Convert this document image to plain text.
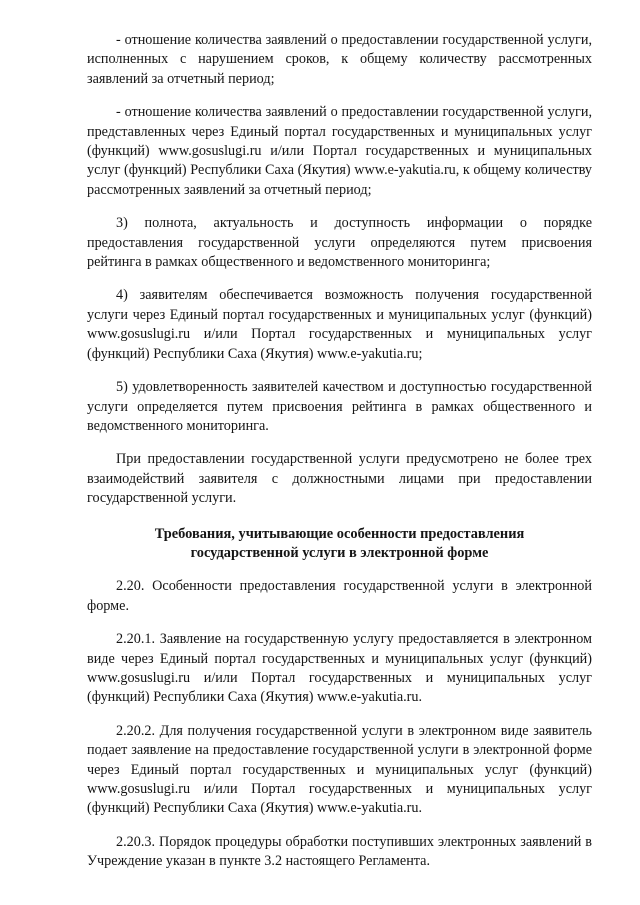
- отношение количества заявлений о предоставлении государственной услуги, исполненных с нарушением сроков, к общему количеству рассмотренных заявлений за отчетный период;

- отношение количества заявлений о предоставлении государственной услуги, представленных через Единый портал государственных и муниципальных услуг (функций) www.gosuslugi.ru и/или Портал государственных и муниципальных услуг (функций) Республики Саха (Якутия) www.e-yakutia.ru, к общему количеству рассмотренных заявлений за отчетный период;

3) полнота, актуальность и доступность информации о порядке предоставления государственной услуги определяются путем присвоения рейтинга в рамках общественного и ведомственного мониторинга;

4) заявителям обеспечивается возможность получения государственной услуги через Единый портал государственных и муниципальных услуг (функций) www.gosuslugi.ru и/или Портал государственных и муниципальных услуг (функций) Республики Саха (Якутия) www.e-yakutia.ru;

5) удовлетворенность заявителей качеством и доступностью государственной услуги определяется путем присвоения рейтинга в рамках общественного и ведомственного мониторинга.

При предоставлении государственной услуги предусмотрено не более трех взаимодействий заявителя с должностными лицами при предоставлении государственной услуги.

Требования, учитывающие особенности предоставления государственной услуги в электронной форме

2.20. Особенности предоставления государственной услуги в электронной форме.

2.20.1. Заявление на государственную услугу предоставляется в электронном виде через Единый портал государственных и муниципальных услуг (функций) www.gosuslugi.ru и/или Портал государственных и муниципальных услуг (функций) Республики Саха (Якутия) www.e-yakutia.ru.

2.20.2. Для получения государственной услуги в электронном виде заявитель подает заявление на предоставление государственной услуги в электронной форме через Единый портал государственных и муниципальных услуг (функций) www.gosuslugi.ru и/или Портал государственных и муниципальных услуг (функций) Республики Саха (Якутия) www.e-yakutia.ru.

2.20.3. Порядок процедуры обработки поступивших электронных заявлений в Учреждение указан в пункте 3.2 настоящего Регламента.
